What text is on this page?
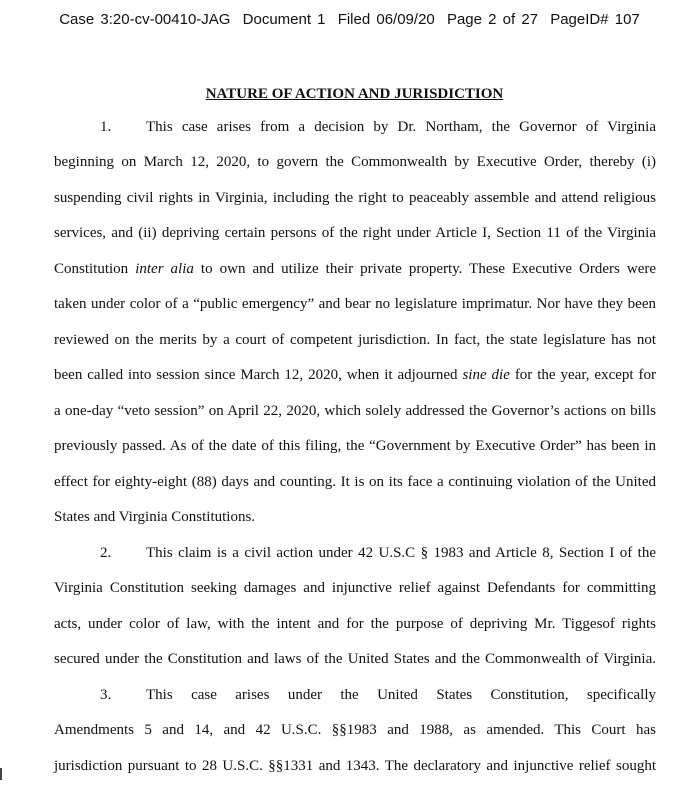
Case 3:20-cv-00410-JAG Document 1 Filed 06/09/20 Page 2 of 27 PageID# 107
NATURE OF ACTION AND JURISDICTION
1. This case arises from a decision by Dr. Northam, the Governor of Virginia
beginning on March 12, 2020, to govern the Commonwealth by Executive Order, thereby (i)
suspending civil rights in Virginia, including the right to peaceably assemble and attend religious
services, and (ii) depriving certain persons of the right under Article I, Section 11 of the Virginia
Constitution inter alia to own and utilize their private property. These Executive Orders were
taken under color of a “public emergency” and bear no legislature imprimatur. Nor have they been
reviewed on the merits by a court of competent jurisdiction. In fact, the state legislature has not
been called into session since March 12, 2020, when it adjourned sine die for the year, except for
a one-day “veto session” on April 22, 2020, which solely addressed the Governor’s actions on bills
previously passed. As of the date of this filing, the “Government by Executive Order” has been in
effect for eighty-eight (88) days and counting. It is on its face a continuing violation of the United
States and Virginia Constitutions.
2. This claim is a civil action under 42 U.S.C § 1983 and Article 8, Section I of the
Virginia Constitution seeking damages and injunctive relief against Defendants for committing
acts, under color of law, with the intent and for the purpose of depriving Mr. Tiggesof rights
secured under the Constitution and laws of the United States and the Commonwealth of Virginia.
3. This case arises under the United States Constitution, specifically
Amendments 5 and 14, and 42 U.S.C. §§1983 and 1988, as amended. This Court has
jurisdiction pursuant to 28 U.S.C. §§1331 and 1343. The declaratory and injunctive relief sought
